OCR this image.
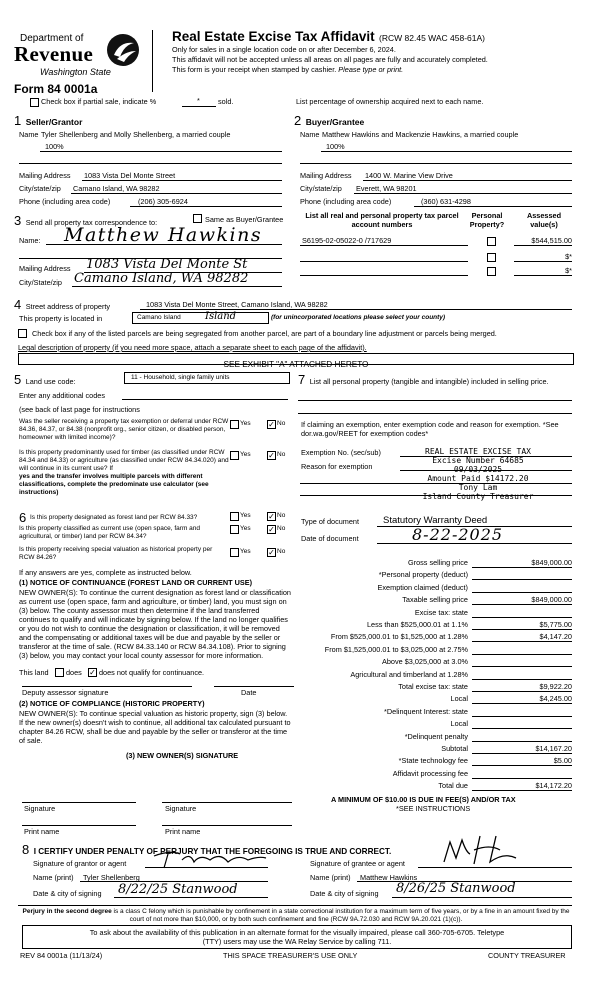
Department of
Revenue
Washington State
Form 84 0001a
Real Estate Excise Tax Affidavit (RCW 82.45 WAC 458-61A)
Only for sales in a single location code on or after December 6, 2024.
This affidavit will not be accepted unless all areas on all pages are fully and accurately completed.
This form is your receipt when stamped by cashier. Please type or print.
Check box if partial sale, indicate %	* sold.	List percentage of ownership acquired next to each name.
1 Seller/Grantor
Name Tyler Shellenberg and Molly Shellenberg, a married couple
100%
Mailing Address 1083 Vista Del Monte Street
City/state/zip Camano Island, WA 98282
Phone (including area code)	(206) 305-6924
2 Buyer/Grantee
Name Matthew Hawkins and Mackenzie Hawkins, a married couple
100%
Mailing Address 1400 W. Marine View Drive
City/state/zip Everett, WA 98201
Phone (including area code)	(360) 631-4298
3 Send all property tax correspondence to:	Same as Buyer/Grantee
Name: Matthew Hawkins
Mailing Address 1083 Vista Del Monte St
City/State/zip Camano Island, WA 98282
List all real and personal property tax parcel account numbers
Personal Property?
Assessed value(s)
S6195-02-05022-0 /717629	$544,515.00
$*
$*
4 Street address of property	1083 Vista Del Monte Street, Camano Island, WA 98282
This property is located in	Camano Island Island	(for unincorporated locations please select your county)
Check box if any of the listed parcels are being segregated from another parcel, are part of a boundary line adjustment or parcels being merged.
Legal description of property (if you need more space, attach a separate sheet to each page of the affidavit).
SEE EXHIBIT "A" ATTACHED HERETO
5 Land use code:	11 - Household, single family units
Enter any additional codes
(see back of last page for instructions
Was the seller receiving a property tax exemption or deferral under RCW 84.36, 84.37, or 84.38 (nonprofit org., senior citizen, or disabled person, homeowner with limited income)?
Yes ✓ No
Is this property predominantly used for timber (as classified under RCW 84.34 and 84.33) or agriculture (as classified under RCW 84.34.020) and will continue in its current use? If
yes and the transfer involves multiple parcels with different classifications, complete the predominate use calculator (see instructions)
Yes ✓ No
7 List all personal property (tangible and intangible) included in selling price.
If claiming an exemption, enter exemption code and reason for exemption. *See dor.wa.gov/REET for exemption codes*
Exemption No. (sec/sub)
Reason for exemption
REAL ESTATE EXCISE TAX
Excise Number 64685
09/03/2025
Amount Paid $14172.20
Tony Lam
Island County Treasurer
6 Is this property designated as forest land per RCW 84.33?	Yes ✓ No
Is this property classified as current use (open space, farm and agricultural, or timber) land per RCW 84.34?
Yes ✓ No
Is this property receiving special valuation as historical property per RCW 84.26?
Yes ✓ No
If any answers are yes, complete as instructed below.
(1) NOTICE OF CONTINUANCE (FOREST LAND OR CURRENT USE)
NEW OWNER(S): To continue the current designation as forest land or classification as current use (open space, farm and agriculture, or timber) land, you must sign on (3) below. The county assessor must then determine if the land transferred continues to qualify and will indicate by signing below. If the land no longer qualifies or you do not wish to continue the designation or classification, it will be removed and the compensating or additional taxes will be due and payable by the seller or transferor at the time of sale. (RCW 84.33.140 or RCW 84.34.108). Prior to signing (3) below, you may contact your local county assessor for more information.
This land does ✓ does not qualify for continuance.
Deputy assessor signature	Date
(2) NOTICE OF COMPLIANCE (HISTORIC PROPERTY)
NEW OWNER(S): To continue special valuation as historic property, sign (3) below. If the new owner(s) doesn't wish to continue, all additional tax calculated pursuant to chapter 84.26 RCW, shall be due and payable by the seller or transferor at the time of sale.
(3) NEW OWNER(S) SIGNATURE
Signature	Signature
Print name	Print name
Type of document	Statutory Warranty Deed
Date of document	8-22-2025
Gross selling price	$849,000.00
*Personal property (deduct)
Exemption claimed (deduct)
Taxable selling price	$849,000.00
Excise tax: state
Less than $525,000.01 at 1.1%	$5,775.00
From $525,000.01 to $1,525,000 at 1.28%	$4,147.20
From $1,525,000.01 to $3,025,000 at 2.75%
Above $3,025,000 at 3.0%
Agricultural and timberland at 1.28%
Total excise tax: state	$9,922.20
Local	$4,245.00
*Delinquent Interest: state
Local
*Delinquent penalty
Subtotal	$14,167.20
*State technology fee	$5.00
Affidavit processing fee
Total due	$14,172.20
A MINIMUM OF $10.00 IS DUE IN FEE(S) AND/OR TAX
*SEE INSTRUCTIONS
8 I CERTIFY UNDER PENALTY OF PERJURY THAT THE FOREGOING IS TRUE AND CORRECT.
Signature of grantor or agent	Signature of grantee or agent
Name (print) Tyler Shellenberg	Name (print) Matthew Hawkins
Date & city of signing 8/22/25 Stanwood	Date & city of signing 8/26/25 Stanwood
Perjury in the second degree is a class C felony which is punishable by confinement in a state correctional institution for a maximum term of five years, or by a fine in an amount fixed by the court of not more than $10,000, or by both such confinement and fine (RCW 9A.72.030 and RCW 9A.20.021 (1)(c)).
To ask about the availability of this publication in an alternate format for the visually impaired, please call 360-705-6705. Teletype
(TTY) users may use the WA Relay Service by calling 711.
REV 84 0001a (11/13/24)	THIS SPACE TREASURER'S USE ONLY	COUNTY TREASURER
